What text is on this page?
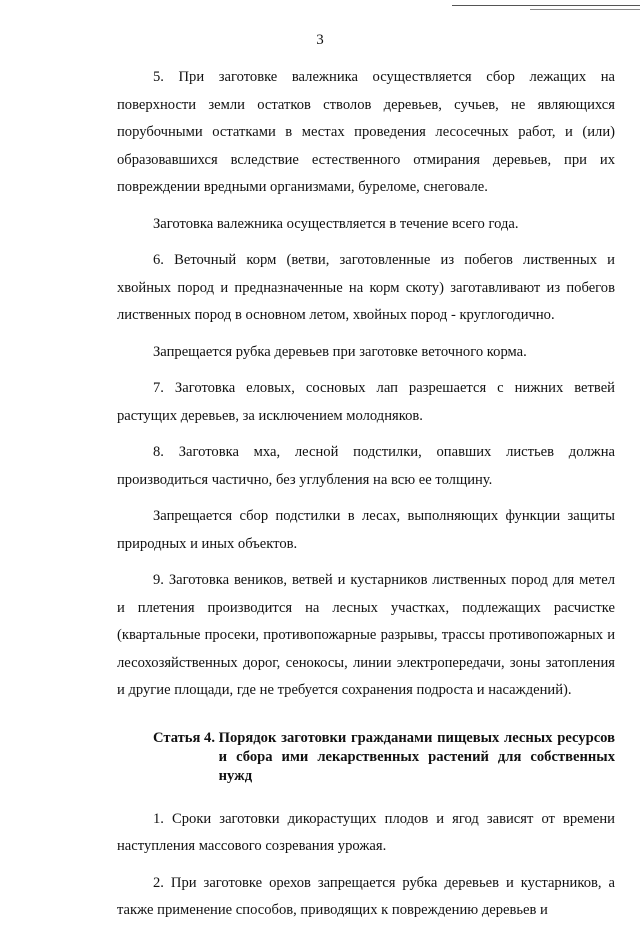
3

5. При заготовке валежника осуществляется сбор лежащих на поверхности земли остатков стволов деревьев, сучьев, не являющихся порубочными остатками в местах проведения лесосечных работ, и (или) образовавшихся вследствие естественного отмирания деревьев, при их повреждении вредными организмами, буреломе, снеговале.

Заготовка валежника осуществляется в течение всего года.

6. Веточный корм (ветви, заготовленные из побегов лиственных и хвойных пород и предназначенные на корм скоту) заготавливают из побегов лиственных пород в основном летом, хвойных пород - круглогодично.

Запрещается рубка деревьев при заготовке веточного корма.

7. Заготовка еловых, сосновых лап разрешается с нижних ветвей растущих деревьев, за исключением молодняков.

8. Заготовка мха, лесной подстилки, опавших листьев должна производиться частично, без углубления на всю ее толщину.

Запрещается сбор подстилки в лесах, выполняющих функции защиты природных и иных объектов.

9. Заготовка веников, ветвей и кустарников лиственных пород для метел и плетения производится на лесных участках, подлежащих расчистке (квартальные просеки, противопожарные разрывы, трассы противопожарных и лесохозяйственных дорог, сенокосы, линии электропередачи, зоны затопления и другие площади, где не требуется сохранения подроста и насаждений).

Статья 4. Порядок заготовки гражданами пищевых лесных ресурсов и сбора ими лекарственных растений для собственных нужд

1. Сроки заготовки дикорастущих плодов и ягод зависят от времени наступления массового созревания урожая.

2. При заготовке орехов запрещается рубка деревьев и кустарников, а также применение способов, приводящих к повреждению деревьев и
